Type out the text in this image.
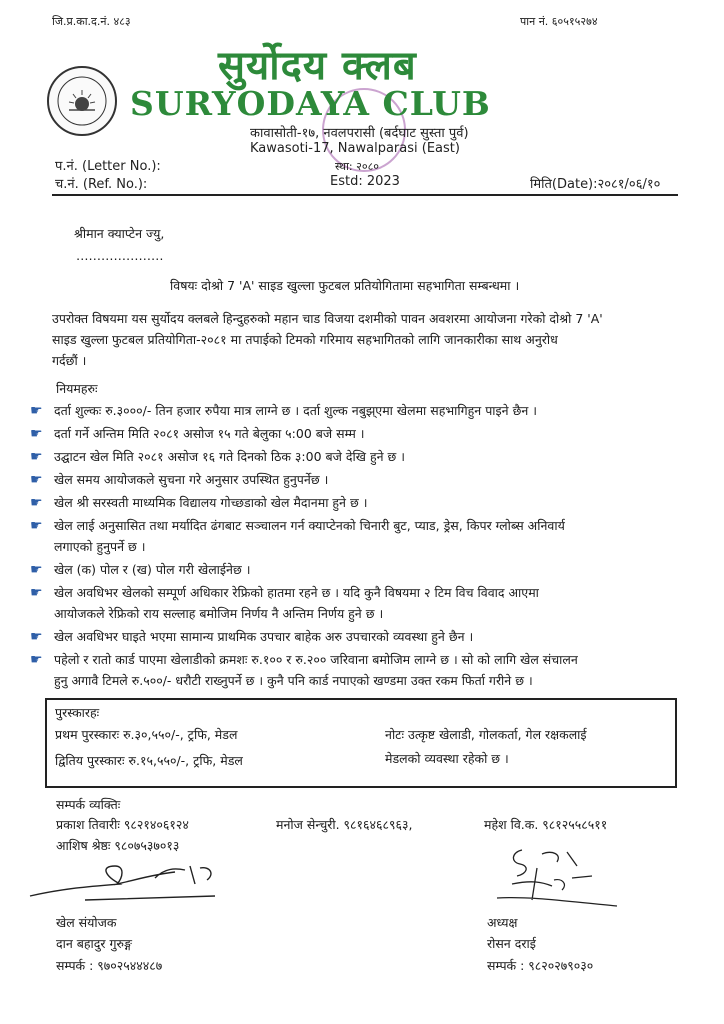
जि.प्र.का.द.नं. ४८३	पान नं. ६०५१५२७४
सुर्योदय क्लब
SURYODAYA CLUB
कावासोती-१७, नवलपरासी (बर्दघाट सुस्ता पुर्व)
Kawasoti-17, Nawalparasi (East)
स्था: २०८०
प.नं. (Letter No.):
च.नं. (Ref. No.):	Estd: 2023	मिति(Date):२०८१/०६/१०
श्रीमान क्याप्टेन ज्यु,
…………………
विषयः दोश्रो 7 'A' साइड खुल्ला फुटबल प्रतियोगितामा सहभागिता सम्बन्धमा ।
उपरोक्त विषयमा यस सुर्योदय क्लबले हिन्दुहरुको महान चाड विजया दशमीको पावन अवशरमा आयोजना गरेको दोश्रो 7 'A'
साइड खुल्ला फुटबल प्रतियोगिता-२०८१ मा तपाईको टिमको गरिमाय सहभागितको लागि जानकारीका साथ अनुरोध
गर्दछौं ।
नियमहरुः
☛ दर्ता शुल्कः रु.३०००/- तिन हजार रुपैया मात्र लाग्ने छ । दर्ता शुल्क नबुझ्एमा खेलमा सहभागिहुन पाइने छैन ।
☛ दर्ता गर्ने अन्तिम मिति २०८१ असोज १५ गते बेलुका ५:00 बजे सम्म ।
☛ उद्घाटन खेल मिति २०८१ असोज १६ गते दिनको ठिक ३:00 बजे देखि हुने छ ।
☛ खेल समय आयोजकले सुचना गरे अनुसार उपस्थित हुनुपर्नेछ ।
☛ खेल श्री सरस्वती माध्यमिक विद्यालय गोच्छडाको खेल मैदानमा हुने छ ।
☛ खेल लाई अनुसासित तथा मर्यादित ढंगबाट सञ्चालन गर्न क्याप्टेनको चिनारी बुट, प्याड, ड्रेस, किपर ग्लोब्स अनिवार्य
लगाएको हुनुपर्ने छ ।
☛ खेल (क) पोल र (ख) पोल गरी खेलाईनेछ ।
☛ खेल अवधिभर खेलको सम्पूर्ण अधिकार रेफ्रिको हातमा रहने छ । यदि कुनै विषयमा २ टिम विच विवाद आएमा
आयोजकले रेफ्रिको राय सल्लाह बमोजिम निर्णय नै अन्तिम निर्णय हुने छ ।
☛ खेल अवधिभर घाइते भएमा सामान्य प्राथमिक उपचार बाहेक अरु उपचारको व्यवस्था हुने छैन ।
☛ पहेलो र रातो कार्ड पाएमा खेलाडीको क्रमशः रु.१०० र रु.२०० जरिवाना बमोजिम लाग्ने छ । सो को लागि खेल संचालन
हुनु अगावै टिमले रु.५००/- धरौटी राख्नुपर्ने छ । कुनै पनि कार्ड नपाएको खण्डमा उक्त रकम फिर्ता गरीने छ ।
पुरस्कारहः
प्रथम पुरस्कारः रु.३०,५५०/-, ट्रफि, मेडल
द्वितिय पुरस्कारः रु.१५,५५०/-, ट्रफि, मेडल
नोटः उत्कृष्ट खेलाडी, गोलकर्ता, गेल रक्षकलाई
मेडलको व्यवस्था रहेको छ ।
सम्पर्क व्यक्तिः
प्रकाश तिवारीः ९८२१४०६१२४	मनोज सेन्चुरी. ९८१६४६८९६३,	महेश वि.क. ९८१२५५८५११
आशिष श्रेष्ठः ९८०७५३७०१३
खेल संयोजक
दान बहादुर गुरुङ्ग
सम्पर्क : ९७०२५४४४८७
अध्यक्ष
रोसन दराई
सम्पर्क : ९८२०२७९०३०
